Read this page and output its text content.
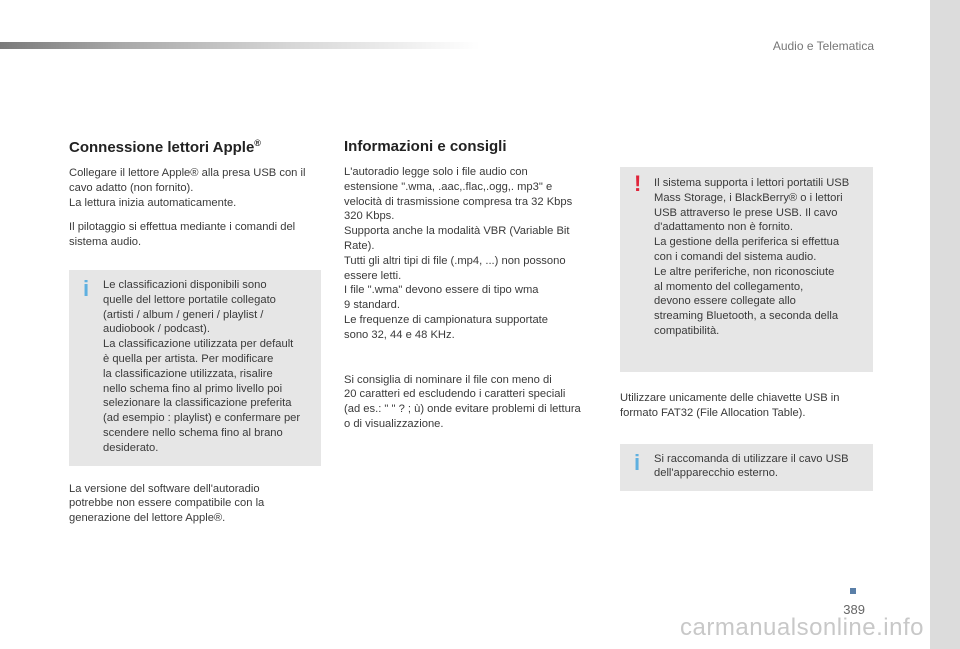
Audio e Telematica
Connessione lettori Apple®

Collegare il lettore Apple® alla presa USB con il
cavo adatto (non fornito).
La lettura inizia automaticamente.

Il pilotaggio si effettua mediante i comandi del
sistema audio.

i Le classificazioni disponibili sono
quelle del lettore portatile collegato
(artisti / album / generi / playlist /
audiobook / podcast).
La classificazione utilizzata per default
è quella per artista. Per modificare
la classificazione utilizzata, risalire
nello schema fino al primo livello poi
selezionare la classificazione preferita
(ad esempio : playlist) e confermare per
scendere nello schema fino al brano
desiderato.

La versione del software dell'autoradio
potrebbe non essere compatibile con la
generazione del lettore Apple®.

Informazioni e consigli

L'autoradio legge solo i file audio con
estensione ".wma, .aac,.flac,.ogg,. mp3" e
velocità di trasmissione compresa tra 32 Kbps
320 Kbps.
Supporta anche la modalità VBR (Variable Bit
Rate).
Tutti gli altri tipi di file (.mp4, ...) non possono
essere letti.
I file ".wma" devono essere di tipo wma
9 standard.
Le frequenze di campionatura supportate
sono 32, 44 e 48 KHz.

Si consiglia di nominare il file con meno di
20 caratteri ed escludendo i caratteri speciali
(ad es.: " " ? ; ù) onde evitare problemi di lettura
o di visualizzazione.

! Il sistema supporta i lettori portatili USB
Mass Storage, i BlackBerry® o i lettori
USB attraverso le prese USB. Il cavo
d'adattamento non è fornito.
La gestione della periferica si effettua
con i comandi del sistema audio.
Le altre periferiche, non riconosciute
al momento del collegamento,
devono essere collegate allo
streaming Bluetooth, a seconda della
compatibilità.

Utilizzare unicamente delle chiavette USB in
formato FAT32 (File Allocation Table).

i Si raccomanda di utilizzare il cavo USB
dell'apparecchio esterno.

389
carmanualsonline.info
